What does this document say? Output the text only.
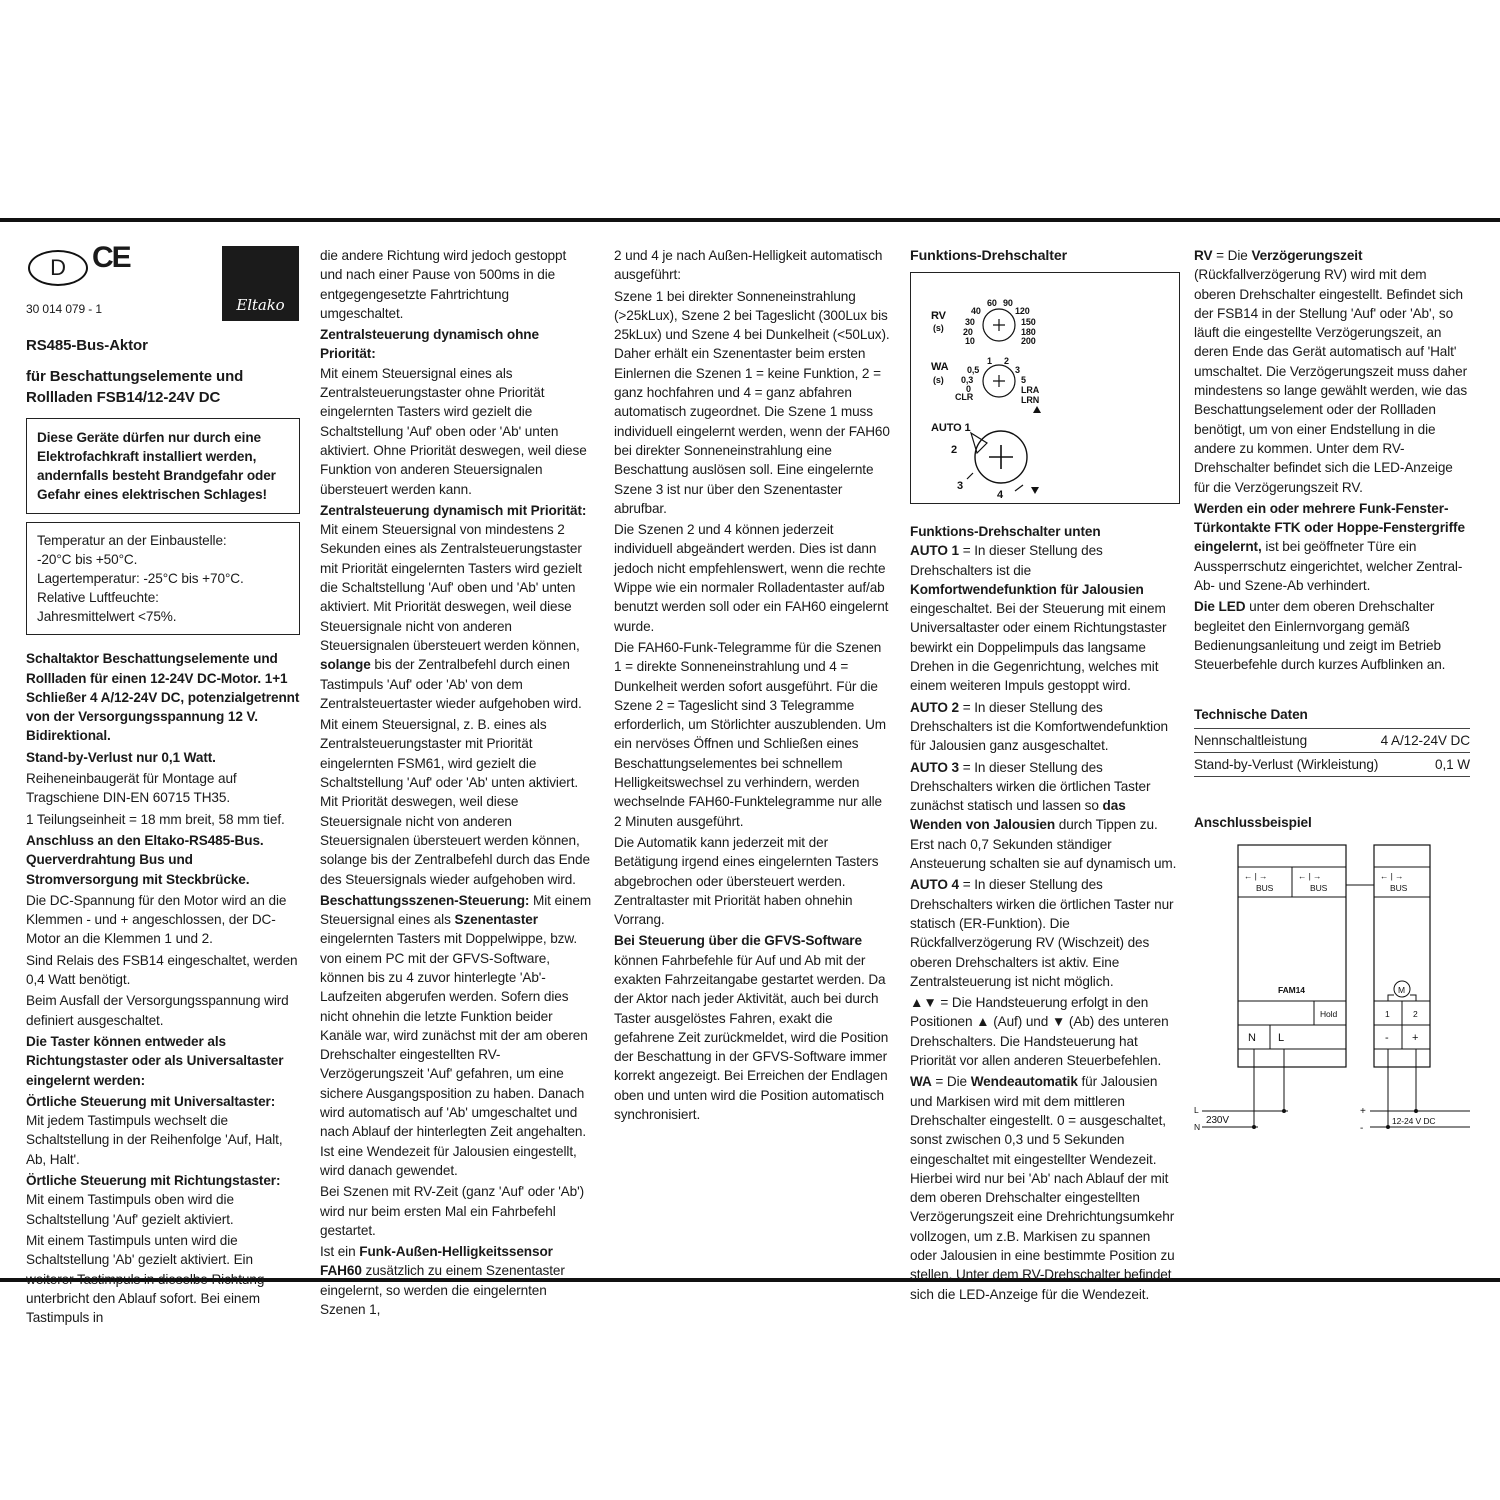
D CE
Eltako
30 014 079 - 1
RS485-Bus-Aktor
für Beschattungselemente und Rollladen FSB14/12-24V DC
Diese Geräte dürfen nur durch eine Elektrofachkraft installiert werden, andernfalls besteht Brandgefahr oder Gefahr eines elektrischen Schlages!
Temperatur an der Einbaustelle:
-20°C bis +50°C.
Lagertemperatur: -25°C bis +70°C.
Relative Luftfeuchte:
Jahresmittelwert <75%.

Schaltaktor Beschattungselemente und Rollladen für einen 12-24V DC-Motor. 1+1 Schließer 4 A/12-24V DC, potenzialgetrennt von der Versorgungsspannung 12 V. Bidirektional.

Stand-by-Verlust nur 0,1 Watt.

Reiheneinbaugerät für Montage auf Tragschiene DIN-EN 60715 TH35.

1 Teilungseinheit = 18 mm breit, 58 mm tief.

Anschluss an den Eltako-RS485-Bus. Querverdrahtung Bus und Stromversorgung mit Steckbrücke.

Die DC-Spannung für den Motor wird an die Klemmen - und + angeschlossen, der DC-Motor an die Klemmen 1 und 2.

Sind Relais des FSB14 eingeschaltet, werden 0,4 Watt benötigt.

Beim Ausfall der Versorgungsspannung wird definiert ausgeschaltet.

Die Taster können entweder als Richtungstaster oder als Universaltaster eingelernt werden:

Örtliche Steuerung mit Universaltaster:

Mit jedem Tastimpuls wechselt die Schaltstellung in der Reihenfolge 'Auf, Halt, Ab, Halt'.

Örtliche Steuerung mit Richtungstaster:

Mit einem Tastimpuls oben wird die Schaltstellung 'Auf' gezielt aktiviert.

Mit einem Tastimpuls unten wird die Schaltstellung 'Ab' gezielt aktiviert. Ein weiterer Tastimpuls in dieselbe Richtung unterbricht den Ablauf sofort. Bei einem Tastimpuls in

die andere Richtung wird jedoch gestoppt und nach einer Pause von 500ms in die entgegengesetzte Fahrtrichtung umgeschaltet.

Zentralsteuerung dynamisch ohne Priorität:

Mit einem Steuersignal eines als Zentralsteuerungstaster ohne Priorität eingelernten Tasters wird gezielt die Schaltstellung 'Auf' oben oder 'Ab' unten aktiviert. Ohne Priorität deswegen, weil diese Funktion von anderen Steuersignalen übersteuert werden kann.

Zentralsteuerung dynamisch mit Priorität:

Mit einem Steuersignal von mindestens 2 Sekunden eines als Zentralsteuerungstaster mit Priorität eingelernten Tasters wird gezielt die Schaltstellung 'Auf' oben und 'Ab' unten aktiviert. Mit Priorität deswegen, weil diese Steuersignale nicht von anderen Steuersignalen übersteuert werden können, solange bis der Zentralbefehl durch einen Tastimpuls 'Auf' oder 'Ab' von dem Zentralsteuertaster wieder aufgehoben wird.

Mit einem Steuersignal, z. B. eines als Zentralsteuerungstaster mit Priorität eingelernten FSM61, wird gezielt die Schaltstellung 'Auf' oder 'Ab' unten aktiviert. Mit Priorität deswegen, weil diese Steuersignale nicht von anderen Steuersignalen übersteuert werden können, solange bis der Zentralbefehl durch das Ende des Steuersignals wieder aufgehoben wird.

Beschattungsszenen-Steuerung: Mit einem Steuersignal eines als Szenentaster eingelernten Tasters mit Doppelwippe, bzw. von einem PC mit der GFVS-Software, können bis zu 4 zuvor hinterlegte 'Ab'-Laufzeiten abgerufen werden. Sofern dies nicht ohnehin die letzte Funktion beider Kanäle war, wird zunächst mit der am oberen Drehschalter eingestellten RV-Verzögerungszeit 'Auf' gefahren, um eine sichere Ausgangsposition zu haben. Danach wird automatisch auf 'Ab' umgeschaltet und nach Ablauf der hinterlegten Zeit angehalten. Ist eine Wendezeit für Jalousien eingestellt, wird danach gewendet.

Bei Szenen mit RV-Zeit (ganz 'Auf' oder 'Ab') wird nur beim ersten Mal ein Fahrbefehl gestartet.

Ist ein Funk-Außen-Helligkeitssensor FAH60 zusätzlich zu einem Szenentaster eingelernt, so werden die eingelernten Szenen 1,

2 und 4 je nach Außen-Helligkeit automatisch ausgeführt:

Szene 1 bei direkter Sonneneinstrahlung (>25kLux), Szene 2 bei Tageslicht (300Lux bis 25kLux) und Szene 4 bei Dunkelheit (<50Lux). Daher erhält ein Szenentaster beim ersten Einlernen die Szenen 1 = keine Funktion, 2 = ganz hochfahren und 4 = ganz abfahren automatisch zugeordnet. Die Szene 1 muss individuell eingelernt werden, wenn der FAH60 bei direkter Sonneneinstrahlung eine Beschattung auslösen soll. Eine eingelernte Szene 3 ist nur über den Szenentaster abrufbar.

Die Szenen 2 und 4 können jederzeit individuell abgeändert werden. Dies ist dann jedoch nicht empfehlenswert, wenn die rechte Wippe wie ein normaler Rolladentaster auf/ab benutzt werden soll oder ein FAH60 eingelernt wurde.

Die FAH60-Funk-Telegramme für die Szenen 1 = direkte Sonneneinstrahlung und 4 = Dunkelheit werden sofort ausgeführt. Für die Szene 2 = Tageslicht sind 3 Telegramme erforderlich, um Störlichter auszublenden. Um ein nervöses Öffnen und Schließen eines Beschattungselementes bei schnellem Helligkeitswechsel zu verhindern, werden wechselnde FAH60-Funktelegramme nur alle 2 Minuten ausgeführt.

Die Automatik kann jederzeit mit der Betätigung irgend eines eingelernten Tasters abgebrochen oder übersteuert werden. Zentraltaster mit Priorität haben ohnehin Vorrang.

Bei Steuerung über die GFVS-Software

können Fahrbefehle für Auf und Ab mit der exakten Fahrzeitangabe gestartet werden. Da der Aktor nach jeder Aktivität, auch bei durch Taster ausgelöstes Fahren, exakt die gefahrene Zeit zurückmeldet, wird die Position der Beschattung in der GFVS-Software immer korrekt angezeigt. Bei Erreichen der Endlagen oben und unten wird die Position automatisch synchronisiert.

Funktions-Drehschalter

RV
(s)
10
20
30
40
60 90
120
150
180
200
WA
(s)
CLR
0
0,3
0,5
1 2
3
5
LRA
LRN
AUTO 1
2
3
4

Funktions-Drehschalter unten

AUTO 1 = In dieser Stellung des Drehschalters ist die Komfortwendefunktion für Jalousien eingeschaltet. Bei der Steuerung mit einem Universaltaster oder einem Richtungstaster bewirkt ein Doppelimpuls das langsame Drehen in die Gegenrichtung, welches mit einem weiteren Impuls gestoppt wird.

AUTO 2 = In dieser Stellung des Drehschalters ist die Komfortwendefunktion für Jalousien ganz ausgeschaltet.

AUTO 3 = In dieser Stellung des Drehschalters wirken die örtlichen Taster zunächst statisch und lassen so das Wenden von Jalousien durch Tippen zu. Erst nach 0,7 Sekunden ständiger Ansteuerung schalten sie auf dynamisch um.

AUTO 4 = In dieser Stellung des Drehschalters wirken die örtlichen Taster nur statisch (ER-Funktion). Die Rückfallverzögerung RV (Wischzeit) des oberen Drehschalters ist aktiv. Eine Zentralsteuerung ist nicht möglich.

▲▼ = Die Handsteuerung erfolgt in den Positionen ▲ (Auf) und ▼ (Ab) des unteren Drehschalters. Die Handsteuerung hat Priorität vor allen anderen Steuerbefehlen.

WA = Die Wendeautomatik für Jalousien und Markisen wird mit dem mittleren Drehschalter eingestellt. 0 = ausgeschaltet, sonst zwischen 0,3 und 5 Sekunden eingeschaltet mit eingestellter Wendezeit. Hierbei wird nur bei 'Ab' nach Ablauf der mit dem oberen Drehschalter eingestellten Verzögerungszeit eine Drehrichtungsumkehr vollzogen, um z.B. Markisen zu spannen oder Jalousien in eine bestimmte Position zu stellen. Unter dem RV-Drehschalter befindet sich die LED-Anzeige für die Wendezeit.

RV = Die Verzögerungszeit (Rückfallverzögerung RV) wird mit dem oberen Drehschalter eingestellt. Befindet sich der FSB14 in der Stellung 'Auf' oder 'Ab', so läuft die eingestellte Verzögerungszeit, an deren Ende das Gerät automatisch auf 'Halt' umschaltet. Die Verzögerungszeit muss daher mindestens so lange gewählt werden, wie das Beschattungselement oder der Rollladen benötigt, um von einer Endstellung in die andere zu kommen. Unter dem RV-Drehschalter befindet sich die LED-Anzeige für die Verzögerungszeit RV.

Werden ein oder mehrere Funk-Fenster-Türkontakte FTK oder Hoppe-Fenstergriffe eingelernt, ist bei geöffneter Türe ein Aussperrschutz eingerichtet, welcher Zentral-Ab- und Szene-Ab verhindert.

Die LED unter dem oberen Drehschalter begleitet den Einlernvorgang gemäß Bedienungsanleitung und zeigt im Betrieb Steuerbefehle durch kurzes Aufblinken an.

Technische Daten

Nennschaltleistung	4 A/12-24V DC
Stand-by-Verlust (Wirkleistung)	0,1 W

Anschlussbeispiel

← | →	← | →
BUS	BUS
FAM14
Hold
N L
← | →
BUS
M
1	2
- +
L
N
230V
+
-
12-24 V DC
